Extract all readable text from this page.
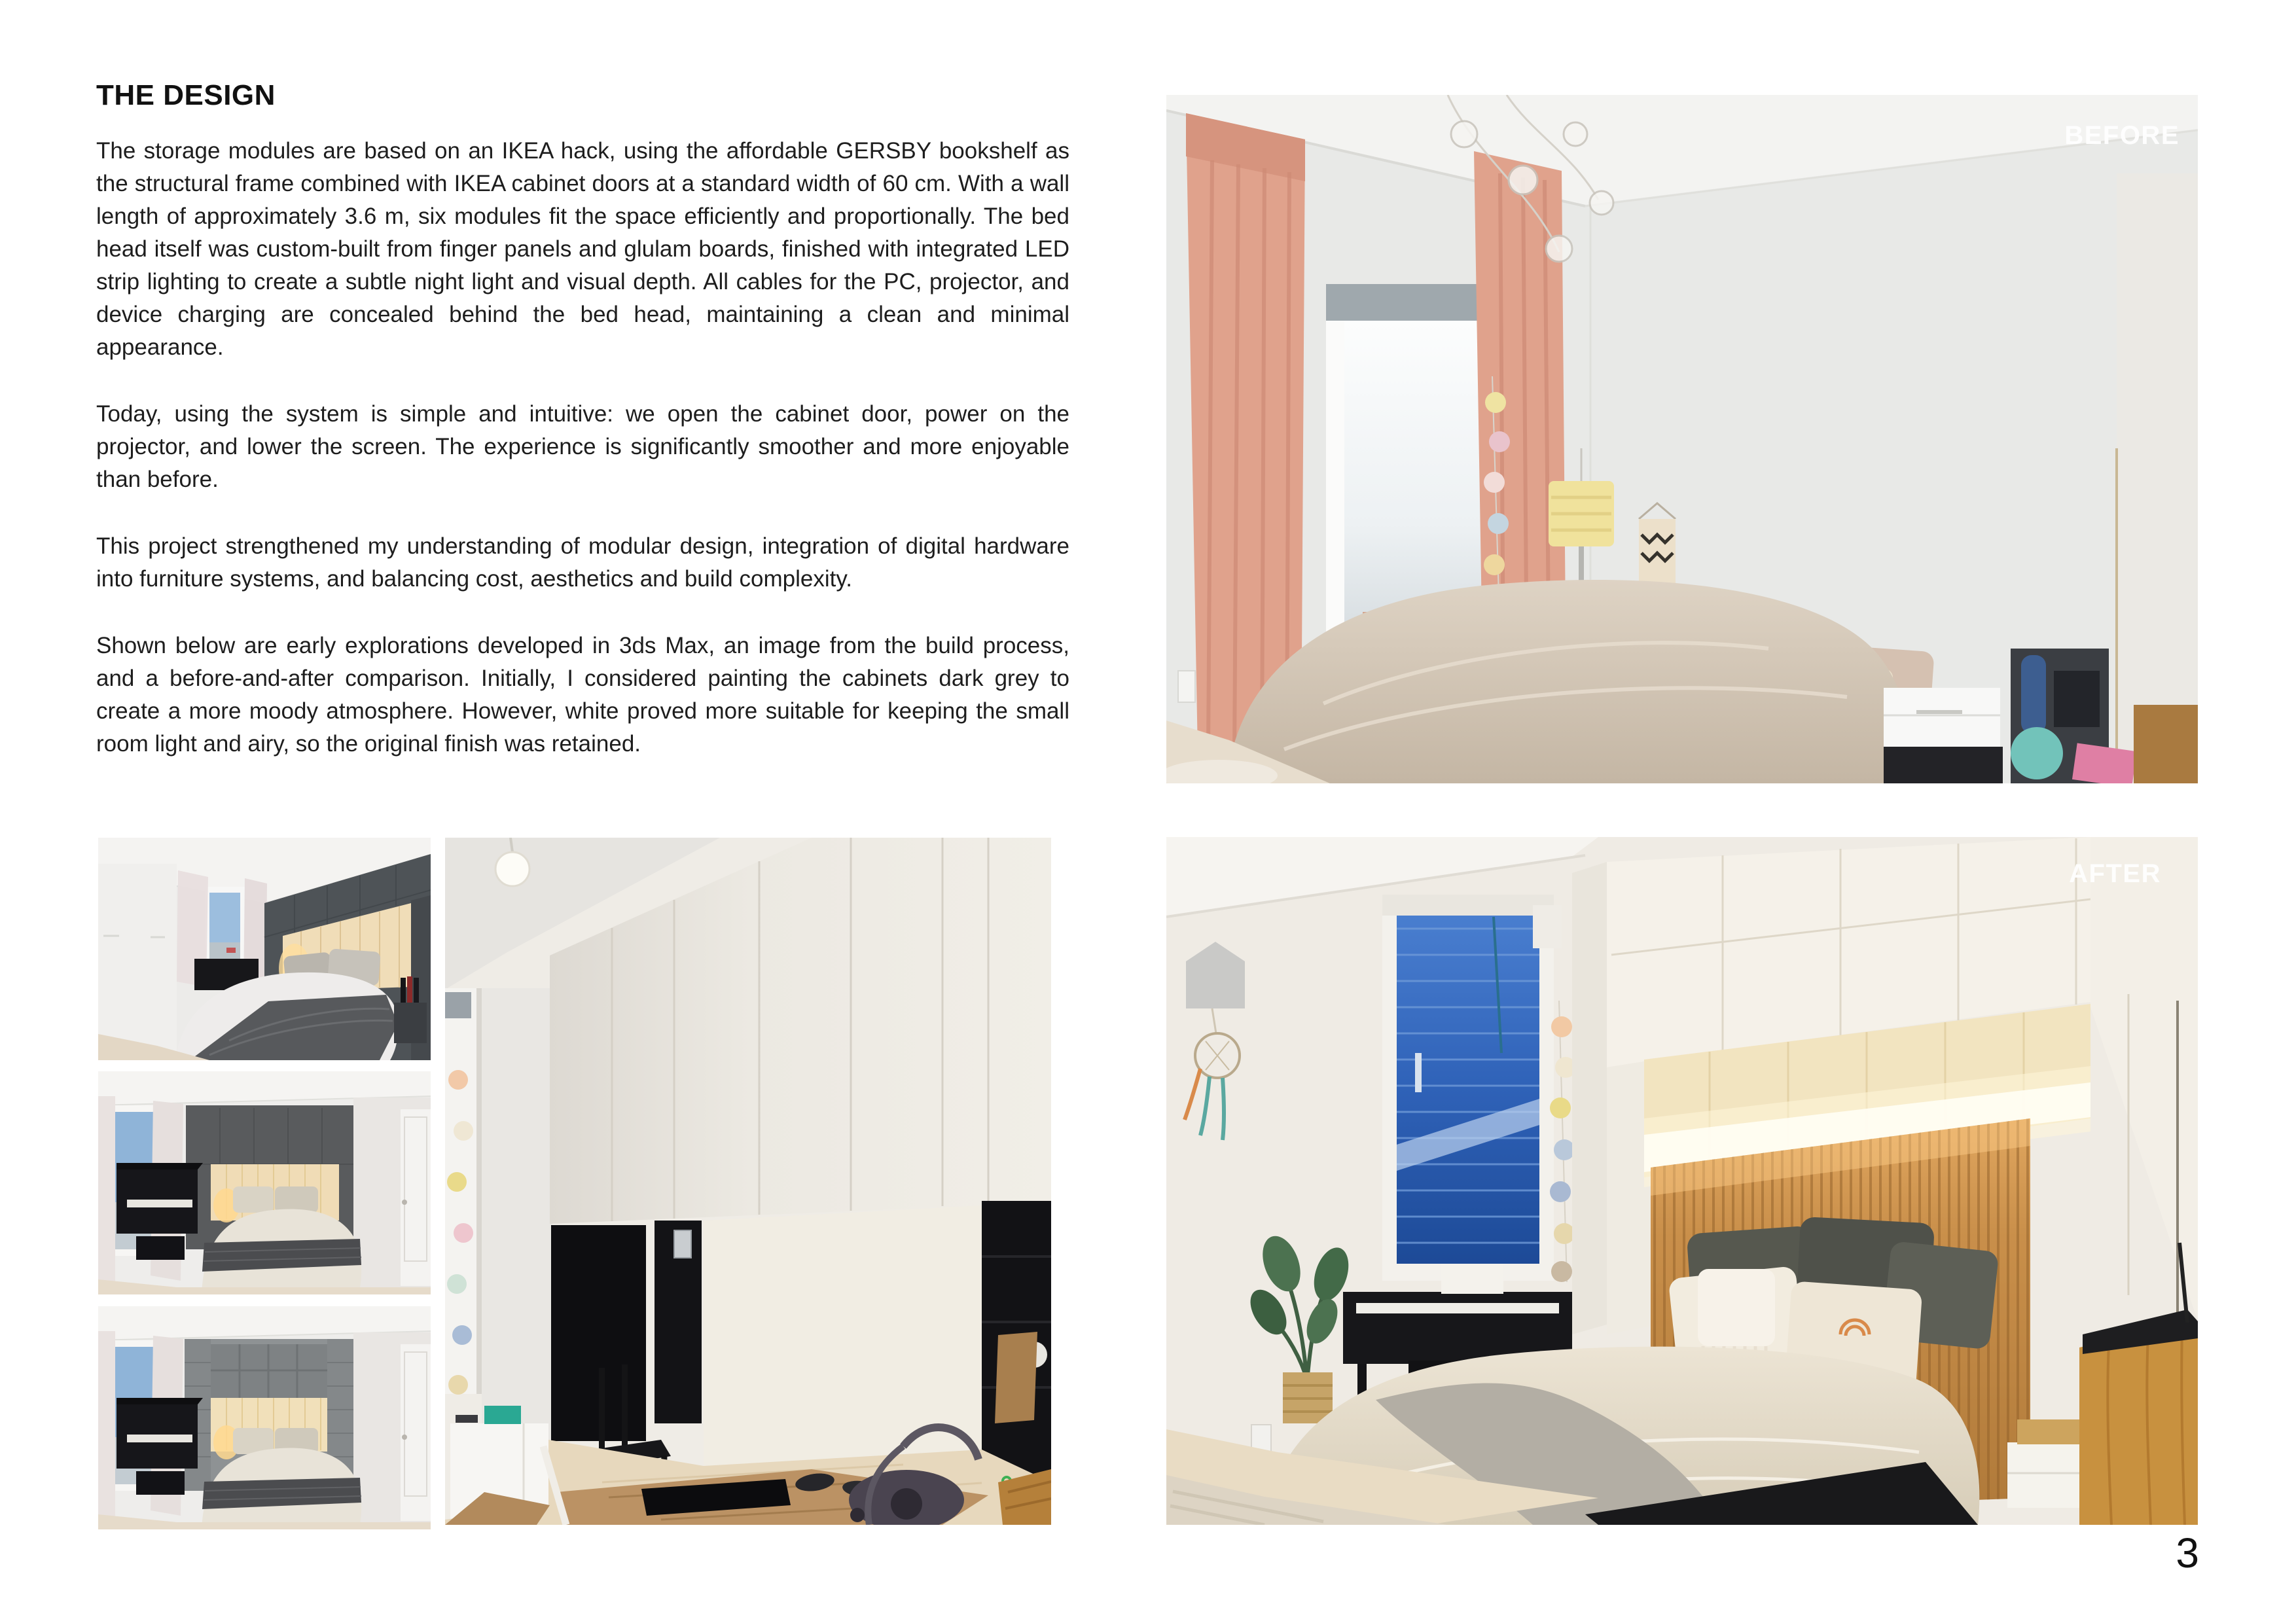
THE DESIGN

The storage modules are based on an IKEA hack, using the affordable GERSBY bookshelf as the structural frame combined with IKEA cabinet doors at a standard width of 60 cm. With a wall length of approximately 3.6 m, six modules fit the space efficiently and proportionally. The bed head itself was custom-built from finger panels and glulam boards, finished with integrated LED strip lighting to create a subtle night light and visual depth. All cables for the PC, projector, and device charging are concealed behind the bed head, maintaining a clean and minimal appearance.

Today, using the system is simple and intuitive: we open the cabinet door, power on the projector, and lower the screen. The experience is significantly smoother and more enjoyable than before.

This project strengthened my understanding of modular design, integration of digital hardware into furniture systems, and balancing cost, aesthetics and build complexity.

Shown below are early explorations developed in 3ds Max, an image from the build process, and a before-and-after comparison. Initially, I considered painting the cabinets dark grey to create a more moody atmosphere. However, white proved more suitable for keeping the small room light and airy, so the original finish was retained.

BEFORE
AFTER
3
